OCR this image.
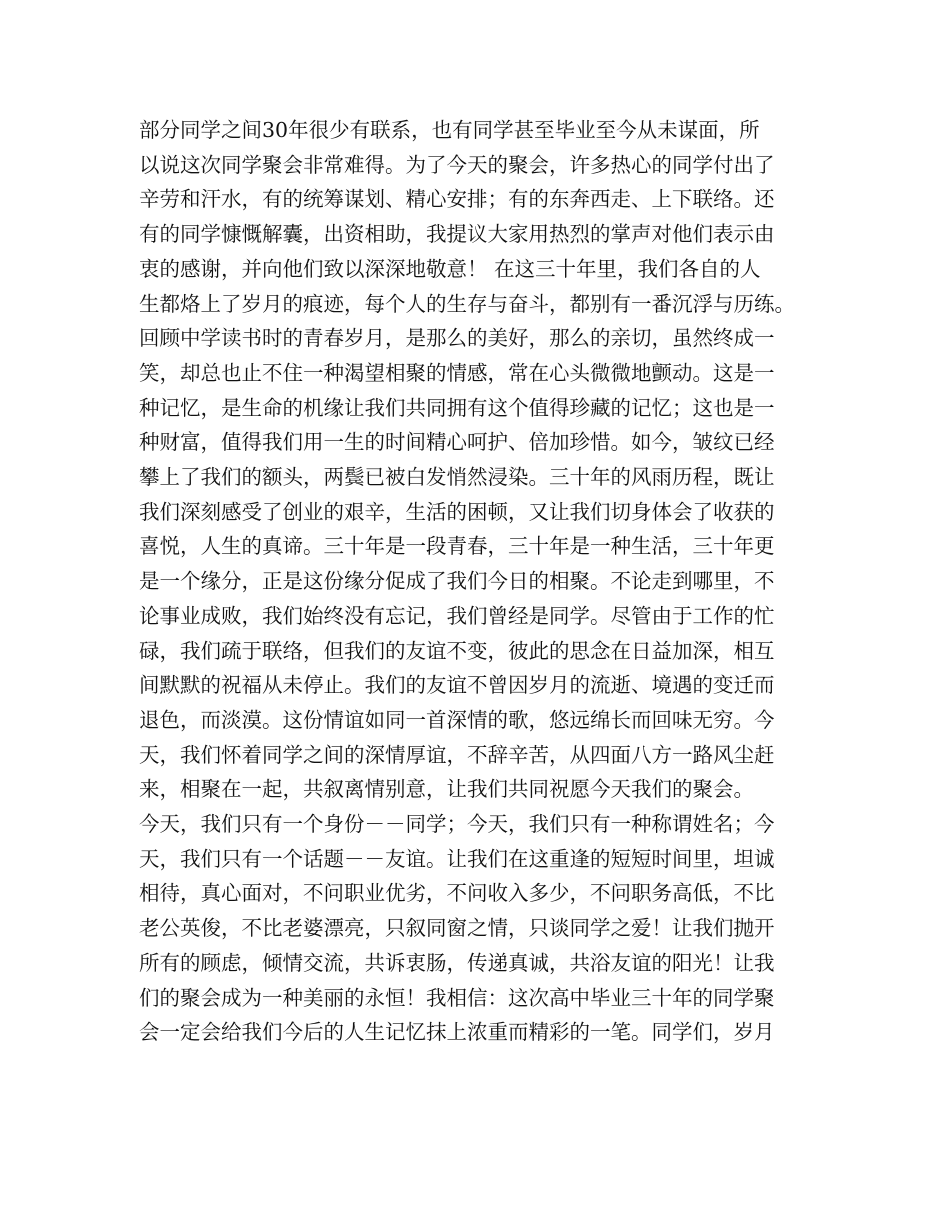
部分同学之间30年很少有联系，也有同学甚至毕业至今从未谋面，所
以说这次同学聚会非常难得。为了今天的聚会，许多热心的同学付出了
辛劳和汗水，有的统筹谋划、精心安排；有的东奔西走、上下联络。还
有的同学慷慨解囊，出资相助，我提议大家用热烈的掌声对他们表示由
衷的感谢，并向他们致以深深地敬意！ 在这三十年里，我们各自的人
生都烙上了岁月的痕迹，每个人的生存与奋斗，都别有一番沉浮与历练。
回顾中学读书时的青春岁月，是那么的美好，那么的亲切，虽然终成一
笑，却总也止不住一种渴望相聚的情感，常在心头微微地颤动。这是一
种记忆，是生命的机缘让我们共同拥有这个值得珍藏的记忆；这也是一
种财富，值得我们用一生的时间精心呵护、倍加珍惜。如今，皱纹已经
攀上了我们的额头，两鬓已被白发悄然浸染。三十年的风雨历程，既让
我们深刻感受了创业的艰辛，生活的困顿，又让我们切身体会了收获的
喜悦，人生的真谛。三十年是一段青春，三十年是一种生活，三十年更
是一个缘分，正是这份缘分促成了我们今日的相聚。不论走到哪里，不
论事业成败，我们始终没有忘记，我们曾经是同学。尽管由于工作的忙
碌，我们疏于联络，但我们的友谊不变，彼此的思念在日益加深，相互
间默默的祝福从未停止。我们的友谊不曾因岁月的流逝、境遇的变迁而
退色，而淡漠。这份情谊如同一首深情的歌，悠远绵长而回味无穷。今
天，我们怀着同学之间的深情厚谊，不辞辛苦，从四面八方一路风尘赶
来，相聚在一起，共叙离情别意，让我们共同祝愿今天我们的聚会。
今天，我们只有一个身份－－同学；今天，我们只有一种称谓姓名；今
天，我们只有一个话题－－友谊。让我们在这重逢的短短时间里，坦诚
相待，真心面对，不问职业优劣，不问收入多少，不问职务高低，不比
老公英俊，不比老婆漂亮，只叙同窗之情，只谈同学之爱！让我们抛开
所有的顾虑，倾情交流，共诉衷肠，传递真诚，共浴友谊的阳光！让我
们的聚会成为一种美丽的永恒！我相信：这次高中毕业三十年的同学聚
会一定会给我们今后的人生记忆抹上浓重而精彩的一笔。同学们，岁月
